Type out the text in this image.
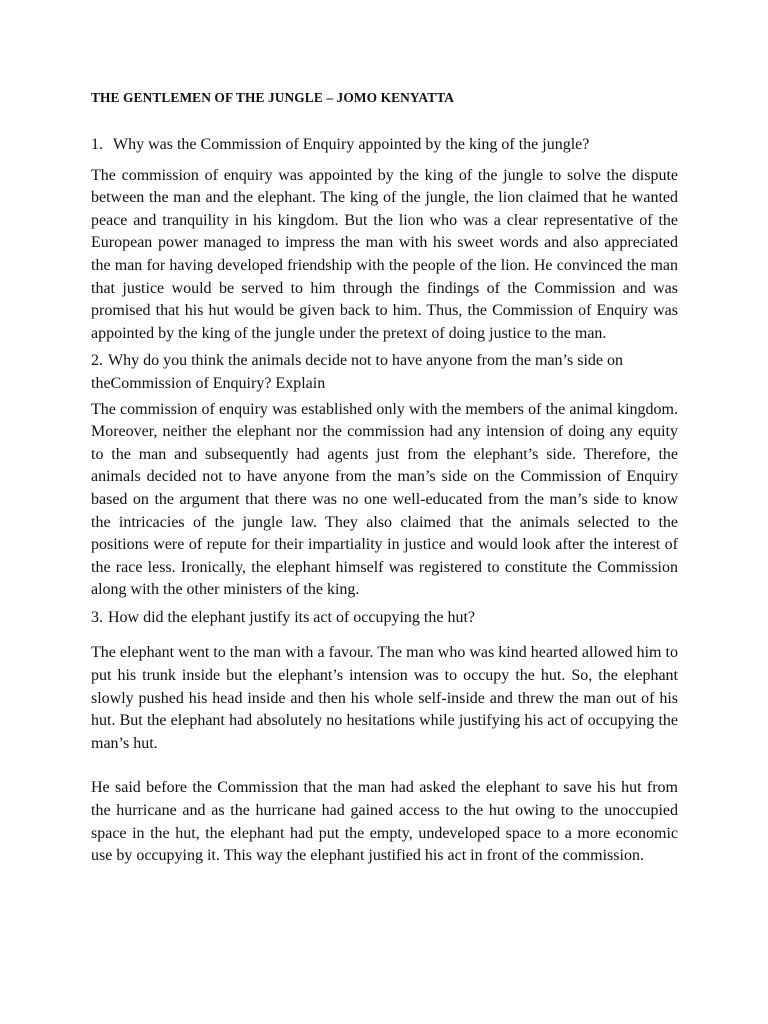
THE GENTLEMEN OF THE JUNGLE – JOMO KENYATTA
1. Why was the Commission of Enquiry appointed by the king of the jungle?

The commission of enquiry was appointed by the king of the jungle to solve the dispute between the man and the elephant. The king of the jungle, the lion claimed that he wanted peace and tranquility in his kingdom. But the lion who was a clear representative of the European power managed to impress the man with his sweet words and also appreciated the man for having developed friendship with the people of the lion. He convinced the man that justice would be served to him through the findings of the Commission and was promised that his hut would be given back to him. Thus, the Commission of Enquiry was appointed by the king of the jungle under the pretext of doing justice to the man.

2. Why do you think the animals decide not to have anyone from the man’s side on theCommission of Enquiry? Explain

The commission of enquiry was established only with the members of the animal kingdom. Moreover, neither the elephant nor the commission had any intension of doing any equity to the man and subsequently had agents just from the elephant’s side. Therefore, the animals decided not to have anyone from the man’s side on the Commission of Enquiry based on the argument that there was no one well-educated from the man’s side to know the intricacies of the jungle law. They also claimed that the animals selected to the positions were of repute for their impartiality in justice and would look after the interest of the race less. Ironically, the elephant himself was registered to constitute the Commission along with the other ministers of the king.

3. How did the elephant justify its act of occupying the hut?

The elephant went to the man with a favour. The man who was kind hearted allowed him to put his trunk inside but the elephant’s intension was to occupy the hut. So, the elephant slowly pushed his head inside and then his whole self-inside and threw the man out of his hut. But the elephant had absolutely no hesitations while justifying his act of occupying the man’s hut.

He said before the Commission that the man had asked the elephant to save his hut from the hurricane and as the hurricane had gained access to the hut owing to the unoccupied space in the hut, the elephant had put the empty, undeveloped space to a more economic use by occupying it. This way the elephant justified his act in front of the commission.
